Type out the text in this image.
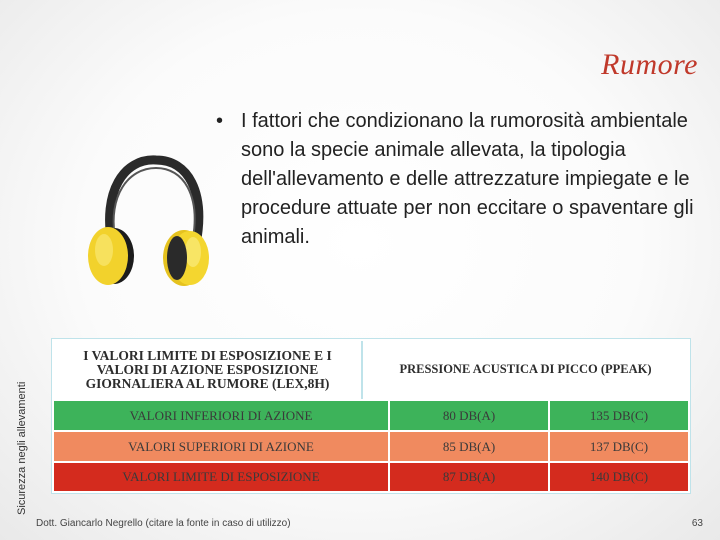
Rumore
Sicurezza negli allevamenti
• I fattori che condizionano la rumorosità ambientale sono la specie animale allevata, la tipologia dell'allevamento e delle attrezzature impiegate e le procedure attuate per non eccitare o spaventare gli animali.
I VALORI LIMITE DI ESPOSIZIONE E I VALORI DI AZIONE ESPOSIZIONE GIORNALIERA AL RUMORE (LEX,8H)
PRESSIONE ACUSTICA DI PICCO (PPEAK)
VALORI INFERIORI DI AZIONE	80 DB(A)	135 DB(C)
VALORI SUPERIORI DI AZIONE	85 DB(A)	137 DB(C)
VALORI LIMITE DI ESPOSIZIONE	87 DB(A)	140 DB(C)
Dott. Giancarlo Negrello (citare la fonte in caso di utilizzo)	63
